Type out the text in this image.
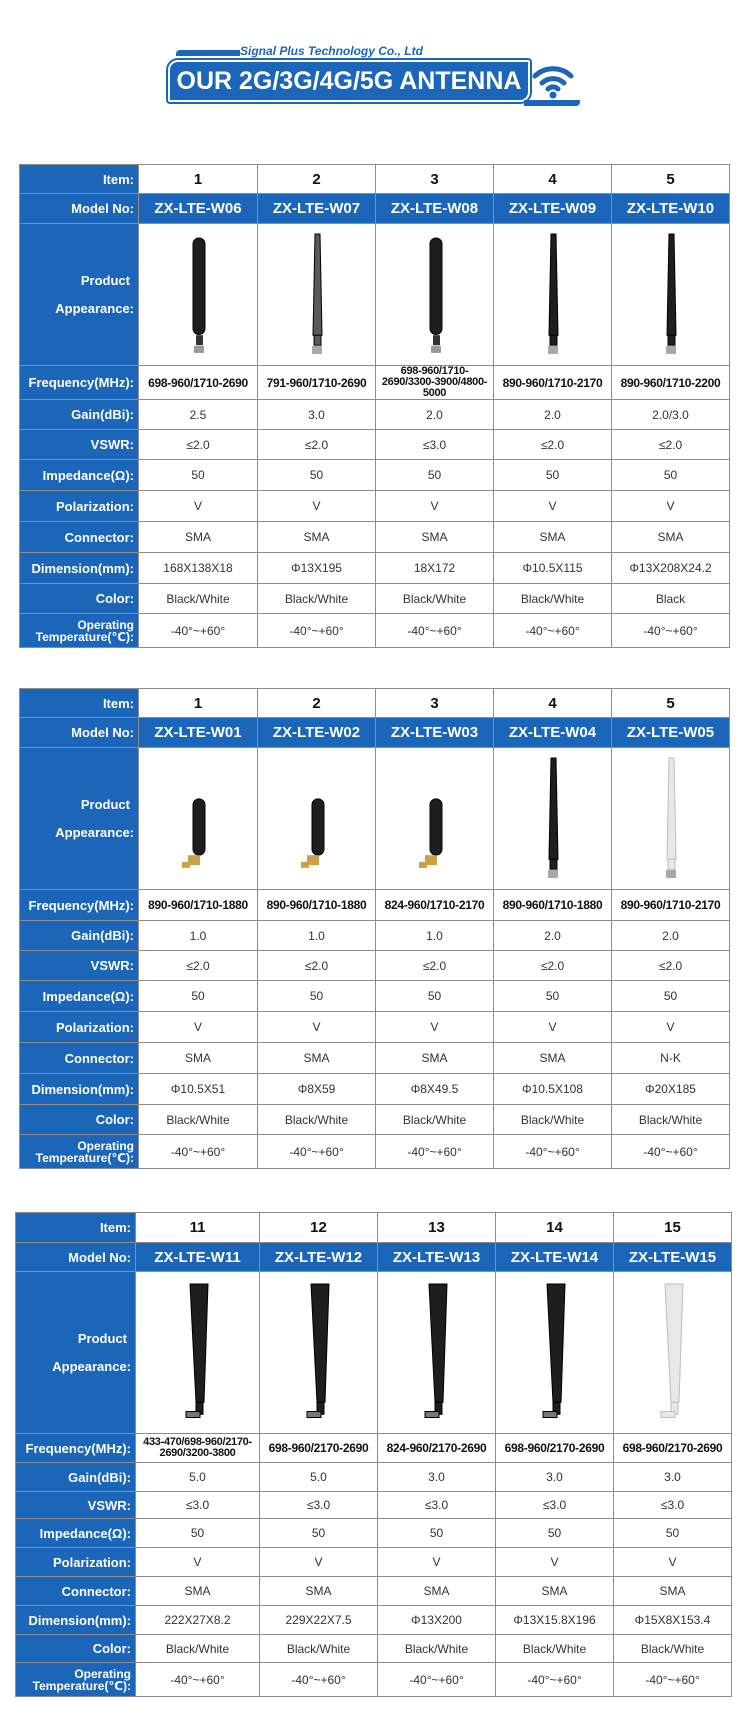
Signal Plus Technology Co., Ltd
OUR 2G/3G/4G/5G ANTENNA
Item:	1	2	3	4	5
Model No:	ZX-LTE-W06	ZX-LTE-W07	ZX-LTE-W08	ZX-LTE-W09	ZX-LTE-W10

Product
Appearance:

Frequency(MHz):	698-960/1710-2690	791-960/1710-2690	698-960/1710-2690/3300-3900/4800-5000	890-960/1710-2170	890-960/1710-2200
Gain(dBi):	2.5	3.0	2.0	2.0	2.0/3.0
VSWR:	≤2.0	≤2.0	≤3.0	≤2.0	≤2.0
Impedance(Ω):	50	50	50	50	50
Polarization:	V	V	V	V	V
Connector:	SMA	SMA	SMA	SMA	SMA
Dimension(mm):	168X138X18	Φ13X195	18X172	Φ10.5X115	Φ13X208X24.2
Color:	Black/White	Black/White	Black/White	Black/White	Black

Operating
Temperature(℃):	-40°~+60°	-40°~+60°	-40°~+60°	-40°~+60°	-40°~+60°
Item:	1	2	3	4	5
Model No:	ZX-LTE-W01	ZX-LTE-W02	ZX-LTE-W03	ZX-LTE-W04	ZX-LTE-W05

Product
Appearance:

Frequency(MHz):	890-960/1710-1880	890-960/1710-1880	824-960/1710-2170	890-960/1710-1880	890-960/1710-2170
Gain(dBi):	1.0	1.0	1.0	2.0	2.0
VSWR:	≤2.0	≤2.0	≤2.0	≤2.0	≤2.0
Impedance(Ω):	50	50	50	50	50
Polarization:	V	V	V	V	V
Connector:	SMA	SMA	SMA	SMA	N-K
Dimension(mm):	Φ10.5X51	Φ8X59	Φ8X49.5	Φ10.5X108	Φ20X185
Color:	Black/White	Black/White	Black/White	Black/White	Black/White

Operating
Temperature(℃):	-40°~+60°	-40°~+60°	-40°~+60°	-40°~+60°	-40°~+60°
Item:	11	12	13	14	15
Model No:	ZX-LTE-W11	ZX-LTE-W12	ZX-LTE-W13	ZX-LTE-W14	ZX-LTE-W15

Product
Appearance:

Frequency(MHz):	433-470/698-960/2170-2690/3200-3800	698-960/2170-2690	824-960/2170-2690	698-960/2170-2690	698-960/2170-2690
Gain(dBi):	5.0	5.0	3.0	3.0	3.0
VSWR:	≤3.0	≤3.0	≤3.0	≤3.0	≤3.0
Impedance(Ω):	50	50	50	50	50
Polarization:	V	V	V	V	V
Connector:	SMA	SMA	SMA	SMA	SMA
Dimension(mm):	222X27X8.2	229X22X7.5	Φ13X200	Φ13X15.8X196	Φ15X8X153.4
Color:	Black/White	Black/White	Black/White	Black/White	Black/White

Operating
Temperature(℃):	-40°~+60°	-40°~+60°	-40°~+60°	-40°~+60°	-40°~+60°
